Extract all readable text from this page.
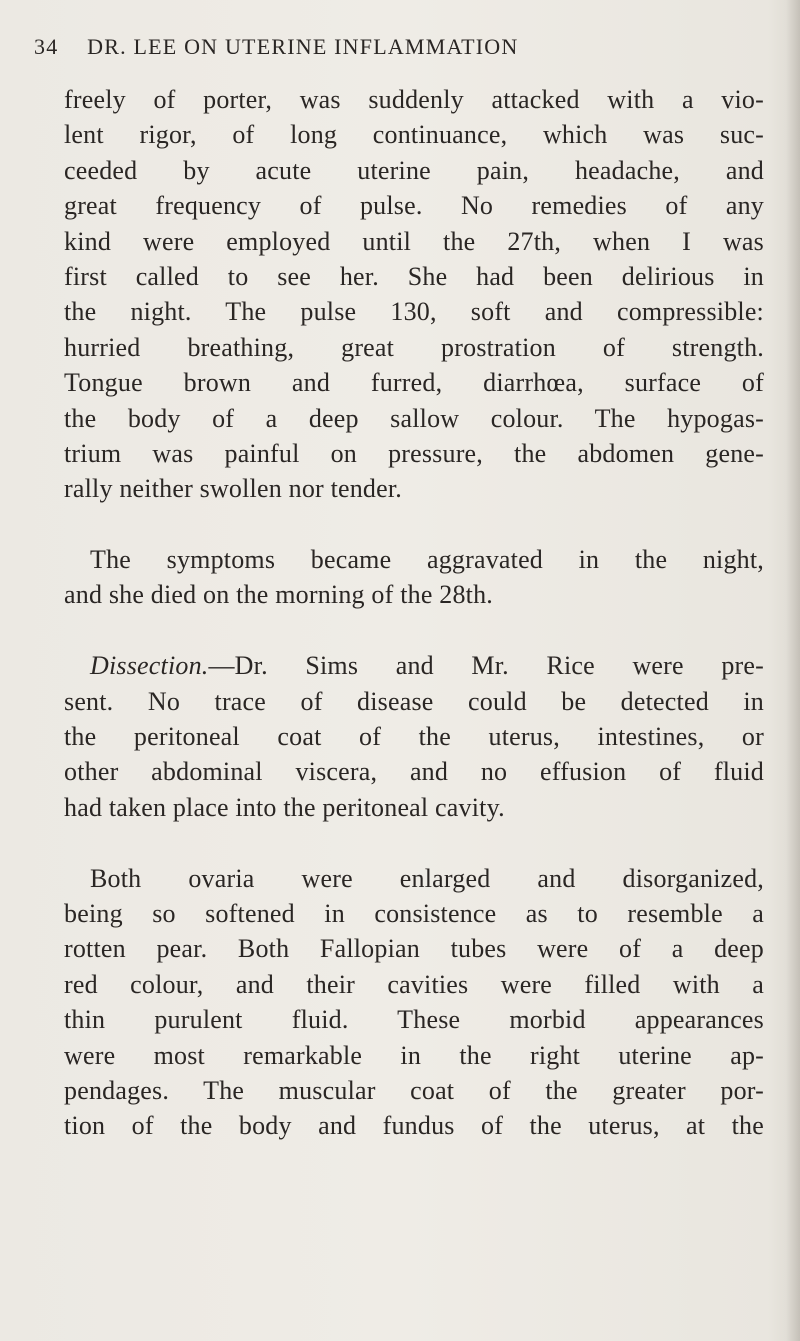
34 DR. LEE ON UTERINE INFLAMMATION
freely of porter, was suddenly attacked with a vio-
lent rigor, of long continuance, which was suc-
ceeded by acute uterine pain, headache, and
great frequency of pulse. No remedies of any
kind were employed until the 27th, when I was
first called to see her. She had been delirious in
the night. The pulse 130, soft and compressible:
hurried breathing, great prostration of strength.
Tongue brown and furred, diarrhœa, surface of
the body of a deep sallow colour. The hypogas-
trium was painful on pressure, the abdomen gene-
rally neither swollen nor tender.
The symptoms became aggravated in the night,
and she died on the morning of the 28th.
Dissection.—Dr. Sims and Mr. Rice were pre-
sent. No trace of disease could be detected in
the peritoneal coat of the uterus, intestines, or
other abdominal viscera, and no effusion of fluid
had taken place into the peritoneal cavity.
Both ovaria were enlarged and disorganized,
being so softened in consistence as to resemble a
rotten pear. Both Fallopian tubes were of a deep
red colour, and their cavities were filled with a
thin purulent fluid. These morbid appearances
were most remarkable in the right uterine ap-
pendages. The muscular coat of the greater por-
tion of the body and fundus of the uterus, at the
